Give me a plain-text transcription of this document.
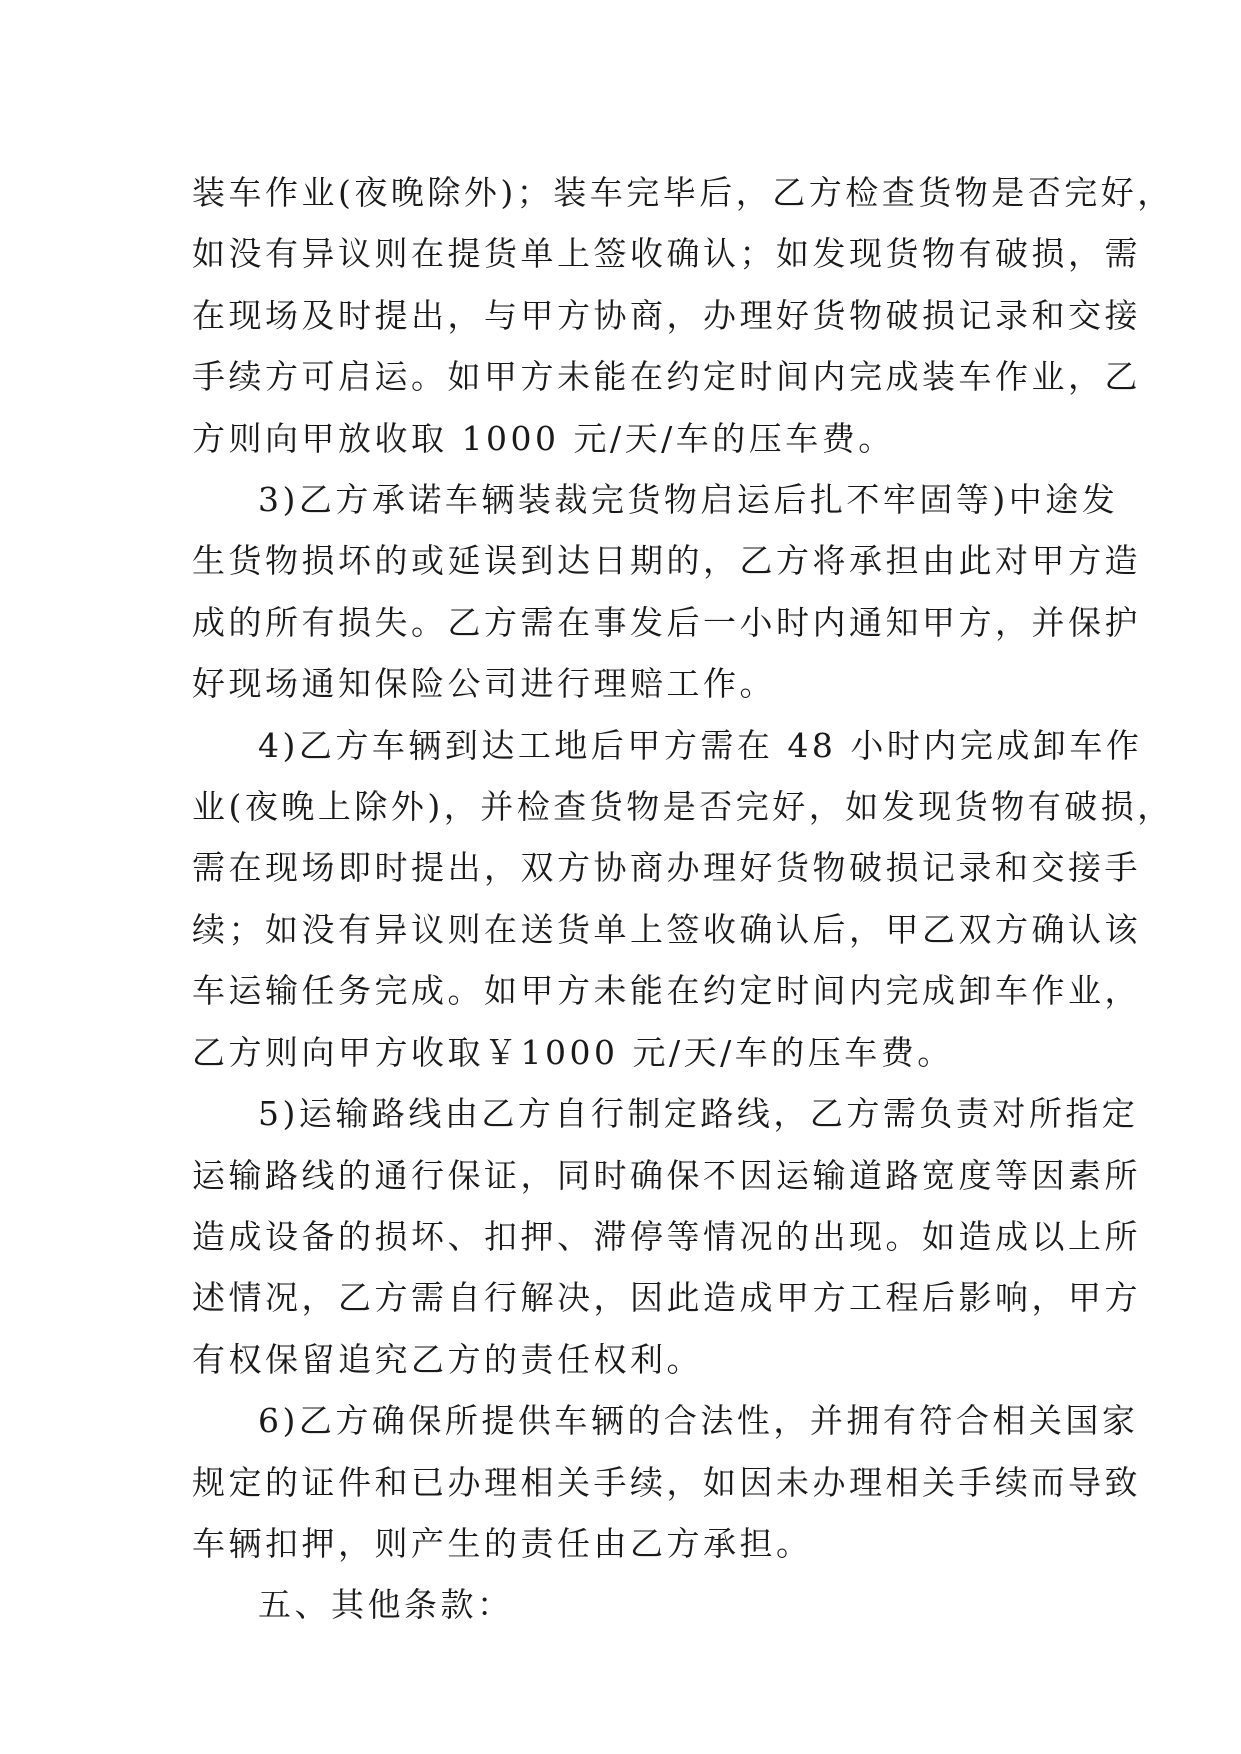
装车作业(夜晚除外)；装车完毕后，乙方检查货物是否完好，
如没有异议则在提货单上签收确认；如发现货物有破损，需
在现场及时提出，与甲方协商，办理好货物破损记录和交接
手续方可启运。如甲方未能在约定时间内完成装车作业，乙
方则向甲放收取 1000 元/天/车的压车费。

3)乙方承诺车辆装裁完货物启运后扎不牢固等)中途发
生货物损坏的或延误到达日期的，乙方将承担由此对甲方造
成的所有损失。乙方需在事发后一小时内通知甲方，并保护
好现场通知保险公司进行理赔工作。

4)乙方车辆到达工地后甲方需在 48 小时内完成卸车作
业(夜晚上除外)，并检查货物是否完好，如发现货物有破损，
需在现场即时提出，双方协商办理好货物破损记录和交接手
续；如没有异议则在送货单上签收确认后，甲乙双方确认该
车运输任务完成。如甲方未能在约定时间内完成卸车作业，
乙方则向甲方收取￥1000 元/天/车的压车费。

5)运输路线由乙方自行制定路线，乙方需负责对所指定
运输路线的通行保证，同时确保不因运输道路宽度等因素所
造成设备的损坏、扣押、滞停等情况的出现。如造成以上所
述情况，乙方需自行解决，因此造成甲方工程后影响，甲方
有权保留追究乙方的责任权利。

6)乙方确保所提供车辆的合法性，并拥有符合相关国家
规定的证件和已办理相关手续，如因未办理相关手续而导致
车辆扣押，则产生的责任由乙方承担。

五、其他条款：
